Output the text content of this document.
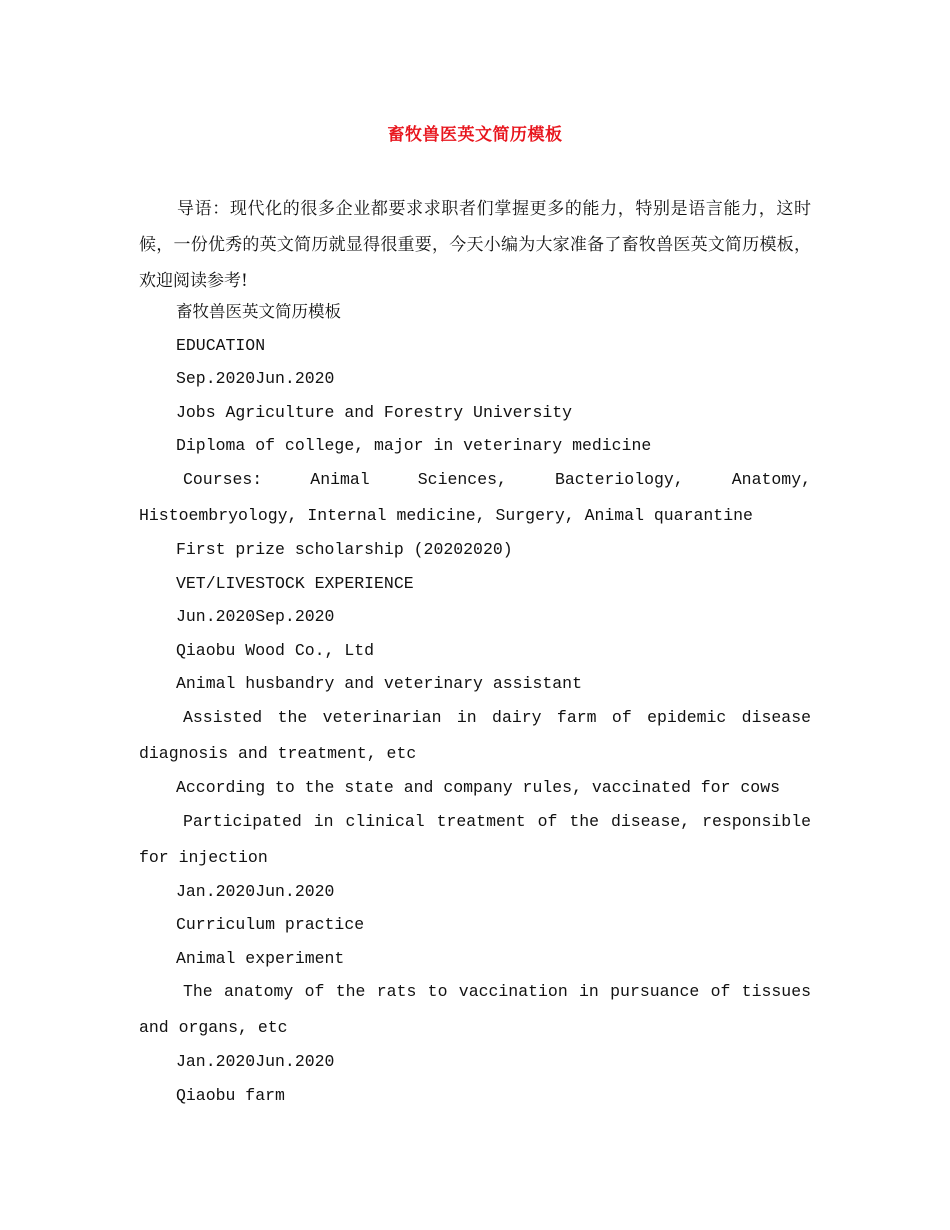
畜牧兽医英文简历模板

导语：现代化的很多企业都要求求职者们掌握更多的能力，特别是语言能力，这时候，一份优秀的英文简历就显得很重要，今天小编为大家准备了畜牧兽医英文简历模板，欢迎阅读参考!

畜牧兽医英文简历模板

EDUCATION

Sep.2020Jun.2020

Jobs Agriculture and Forestry University

Diploma of college, major in veterinary medicine

Courses: Animal Sciences, Bacteriology, Anatomy, Histoembryology, Internal medicine, Surgery, Animal quarantine

First prize scholarship (20202020)

VET/LIVESTOCK EXPERIENCE

Jun.2020Sep.2020

Qiaobu Wood Co., Ltd

Animal husbandry and veterinary assistant

Assisted the veterinarian in dairy farm of epidemic disease diagnosis and treatment, etc

According to the state and company rules, vaccinated for cows

Participated in clinical treatment of the disease, responsible for injection

Jan.2020Jun.2020

Curriculum practice

Animal experiment

The anatomy of the rats to vaccination in pursuance of tissues and organs, etc

Jan.2020Jun.2020

Qiaobu farm
